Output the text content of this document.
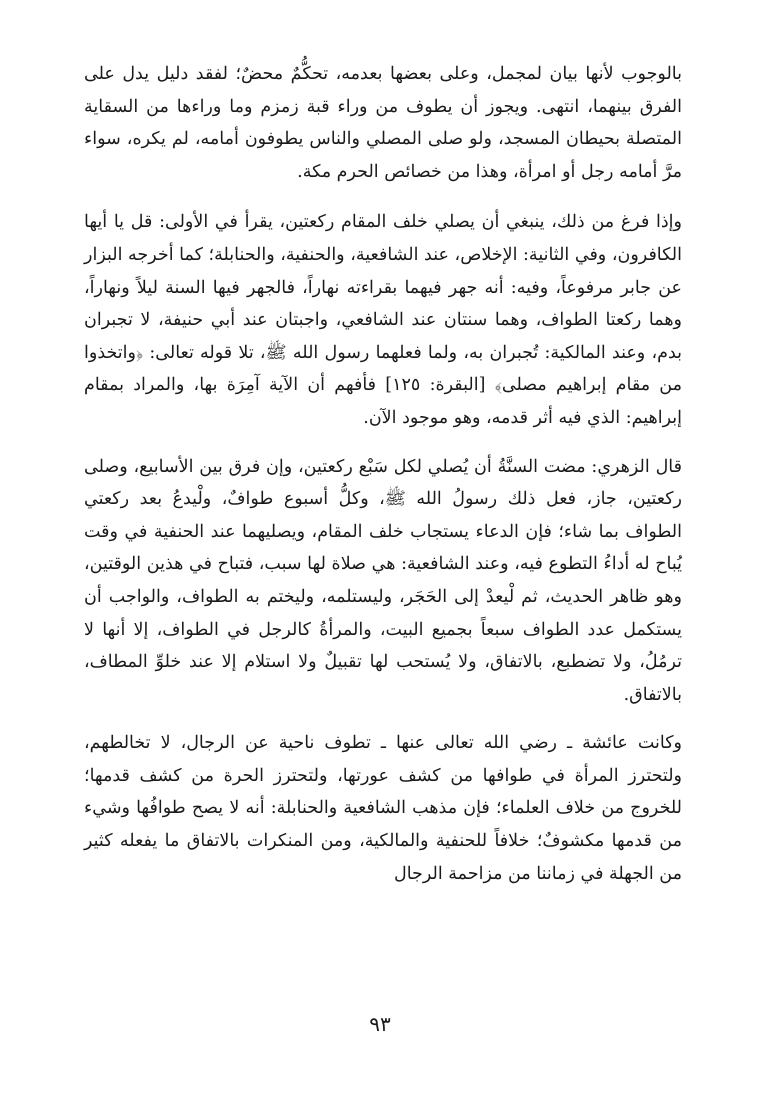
بالوجوب لأنها بيان لمجمل، وعلى بعضها بعدمه، تحكُّمٌ محضٌ؛ لفقد دليل يدل على الفرق بينهما، انتهى. ويجوز أن يطوف من وراء قبة زمزم وما وراءها من السقاية المتصلة بحيطان المسجد، ولو صلى المصلي والناس يطوفون أمامه، لم يكره، سواء مرَّ أمامه رجل أو امرأة، وهذا من خصائص الحرم مكة.

وإذا فرغ من ذلك، ينبغي أن يصلي خلف المقام ركعتين، يقرأ في الأولى: قل يا أيها الكافرون، وفي الثانية: الإخلاص، عند الشافعية، والحنفية، والحنابلة؛ كما أخرجه البزار عن جابر مرفوعاً، وفيه: أنه جهر فيهما بقراءته نهاراً، فالجهر فيها السنة ليلاً ونهاراً، وهما ركعتا الطواف، وهما سنتان عند الشافعي، واجبتان عند أبي حنيفة، لا تجبران بدم، وعند المالكية: تُجبران به، ولما فعلهما رسول الله ﷺ، تلا قوله تعالى: ﴿واتخذوا من مقام إبراهيم مصلى﴾ [البقرة: ١٢٥] فأفهم أن الآية آمِرَة بها، والمراد بمقام إبراهيم: الذي فيه أثر قدمه، وهو موجود الآن.

قال الزهري: مضت السنَّةُ أن يُصلي لكل سَبْع ركعتين، وإن فرق بين الأسابيع، وصلى ركعتين، جاز، فعل ذلك رسولُ الله ﷺ، وكلُّ أسبوع طوافٌ، ولْيدعُ بعد ركعتي الطواف بما شاء؛ فإن الدعاء يستجاب خلف المقام، ويصليهما عند الحنفية في وقت يُباح له أداءُ التطوع فيه، وعند الشافعية: هي صلاة لها سبب، فتباح في هذين الوقتين، وهو ظاهر الحديث، ثم لْيعدْ إلى الحَجَر، وليستلمه، وليختم به الطواف، والواجب أن يستكمل عدد الطواف سبعاً بجميع البيت، والمرأةُ كالرجل في الطواف، إلا أنها لا ترمُلُ، ولا تضطبع، بالاتفاق، ولا يُستحب لها تقبيلٌ ولا استلام إلا عند خلوِّ المطاف، بالاتفاق.

وكانت عائشة ـ رضي الله تعالى عنها ـ تطوف ناحية عن الرجال، لا تخالطهم، ولتحترز المرأة في طوافها من كشف عورتها، ولتحترز الحرة من كشف قدمها؛ للخروج من خلاف العلماء؛ فإن مذهب الشافعية والحنابلة: أنه لا يصح طوافُها وشيء من قدمها مكشوفٌ؛ خلافاً للحنفية والمالكية، ومن المنكرات بالاتفاق ما يفعله كثير من الجهلة في زماننا من مزاحمة الرجال

٩٣
